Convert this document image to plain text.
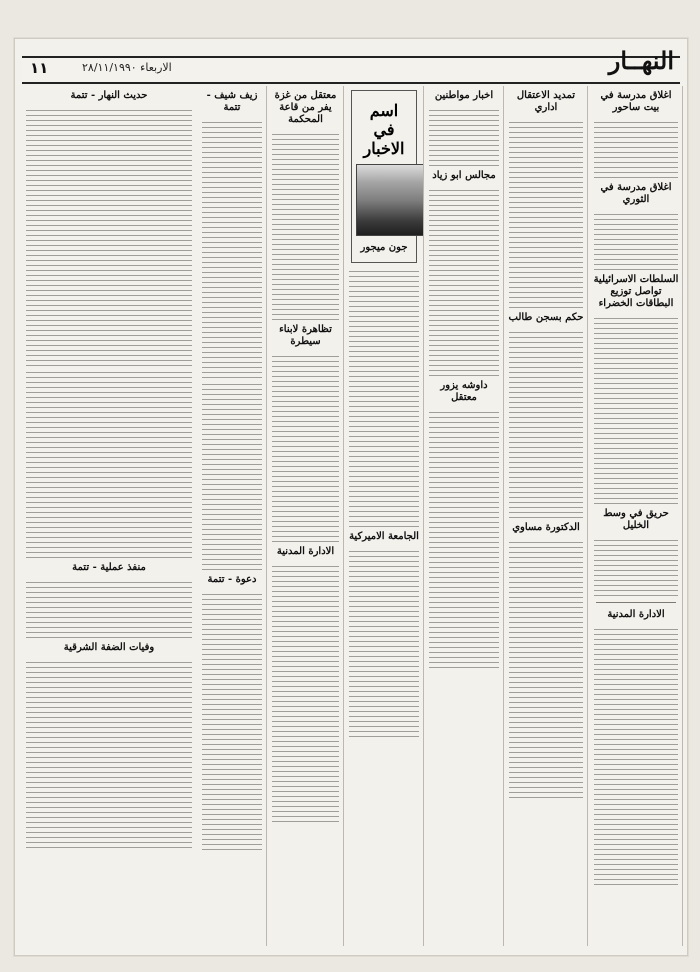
١١	الاربعاء ٢٨/١١/١٩٩٠	النهــار
اغلاق مدرسة في بيت ساحور
اغلاق مدرسة في الثوري
السلطات الاسرائيلية تواصل توزيع البطاقات الخضراء
حريق في وسط الخليل
الادارة المدنية
تمديد الاعتقال اداري
حكم بسجن طالب
الدكتورة مساوي
اخبار مواطنين
مجالس ابو زياد
داوشه يزور معتقل
اسم في الاخبار
جون ميجور
الجامعة الاميركية
معتقل من غزة يفر من قاعة المحكمة
تظاهرة لابناء سيطرة
الادارة المدنية
زيف شيف - تتمة
دعوة - تتمة
حديث النهار - تتمة
منفذ عملية - تتمة
وفيات الضفة الشرقية
